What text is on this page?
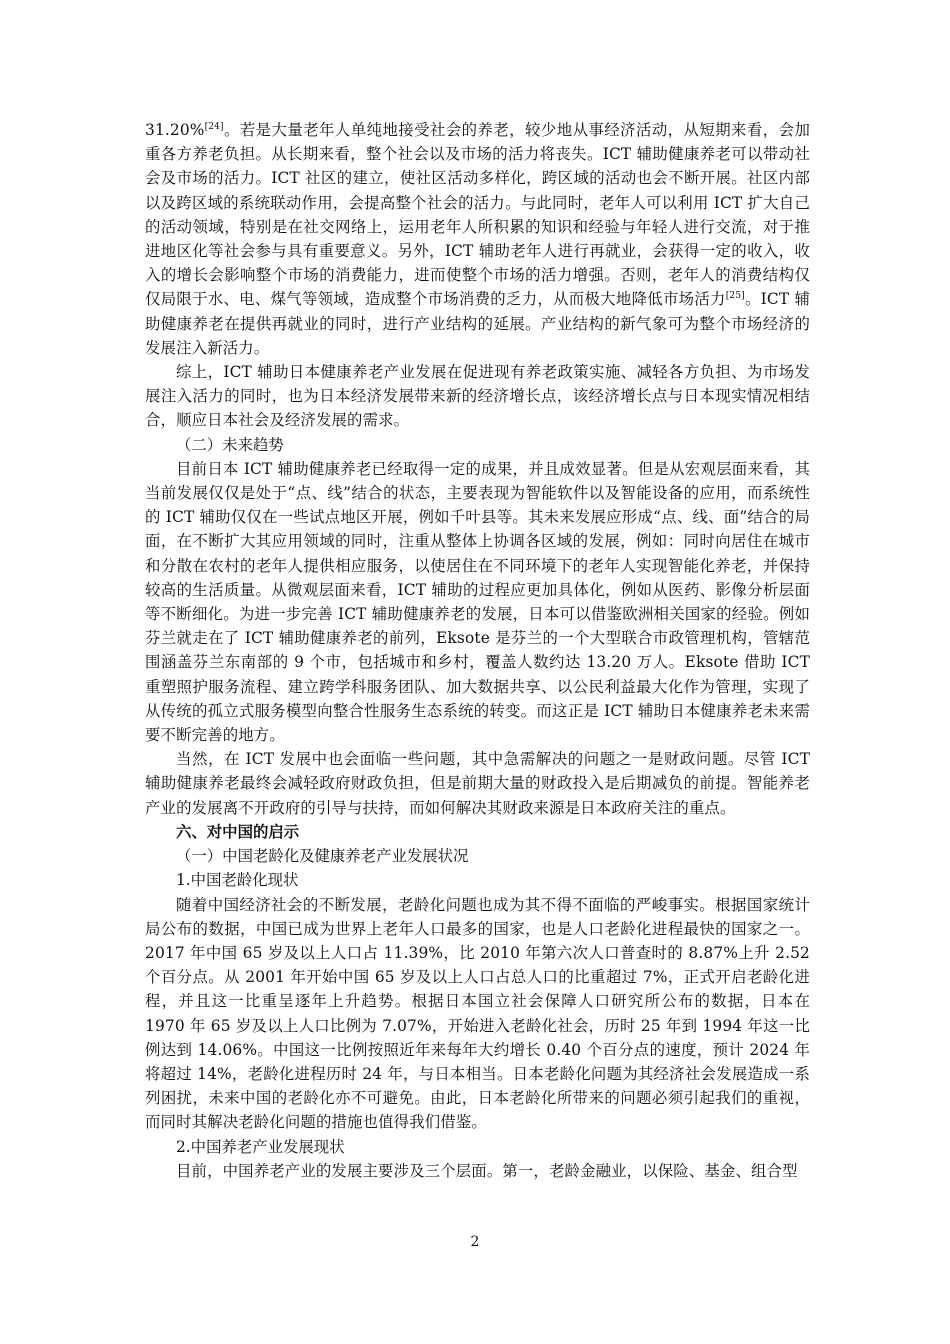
31.20%[24]。若是大量老年人单纯地接受社会的养老，较少地从事经济活动，从短期来看，会加重各方养老负担。从长期来看，整个社会以及市场的活力将丧失。ICT 辅助健康养老可以带动社会及市场的活力。ICT 社区的建立，使社区活动多样化，跨区域的活动也会不断开展。社区内部以及跨区域的系统联动作用，会提高整个社会的活力。与此同时，老年人可以利用 ICT 扩大自己的活动领域，特别是在社交网络上，运用老年人所积累的知识和经验与年轻人进行交流，对于推进地区化等社会参与具有重要意义。另外，ICT 辅助老年人进行再就业，会获得一定的收入，收入的增长会影响整个市场的消费能力，进而使整个市场的活力增强。否则，老年人的消费结构仅仅局限于水、电、煤气等领域，造成整个市场消费的乏力，从而极大地降低市场活力[25]。ICT 辅助健康养老在提供再就业的同时，进行产业结构的延展。产业结构的新气象可为整个市场经济的发展注入新活力。

综上，ICT 辅助日本健康养老产业发展在促进现有养老政策实施、减轻各方负担、为市场发展注入活力的同时，也为日本经济发展带来新的经济增长点，该经济增长点与日本现实情况相结合，顺应日本社会及经济发展的需求。

（二）未来趋势

目前日本 ICT 辅助健康养老已经取得一定的成果，并且成效显著。但是从宏观层面来看，其当前发展仅仅是处于“点、线”结合的状态，主要表现为智能软件以及智能设备的应用，而系统性的 ICT 辅助仅仅在一些试点地区开展，例如千叶县等。其未来发展应形成“点、线、面”结合的局面，在不断扩大其应用领域的同时，注重从整体上协调各区域的发展，例如：同时向居住在城市和分散在农村的老年人提供相应服务，以使居住在不同环境下的老年人实现智能化养老，并保持较高的生活质量。从微观层面来看，ICT 辅助的过程应更加具体化，例如从医药、影像分析层面等不断细化。为进一步完善 ICT 辅助健康养老的发展，日本可以借鉴欧洲相关国家的经验。例如芬兰就走在了 ICT 辅助健康养老的前列，Eksote 是芬兰的一个大型联合市政管理机构，管辖范围涵盖芬兰东南部的 9 个市，包括城市和乡村，覆盖人数约达 13.20 万人。Eksote 借助 ICT 重塑照护服务流程、建立跨学科服务团队、加大数据共享、以公民利益最大化作为管理，实现了从传统的孤立式服务模型向整合性服务生态系统的转变。而这正是 ICT 辅助日本健康养老未来需要不断完善的地方。

当然，在 ICT 发展中也会面临一些问题，其中急需解决的问题之一是财政问题。尽管 ICT 辅助健康养老最终会减轻政府财政负担，但是前期大量的财政投入是后期减负的前提。智能养老产业的发展离不开政府的引导与扶持，而如何解决其财政来源是日本政府关注的重点。

六、对中国的启示

（一）中国老龄化及健康养老产业发展状况

1.中国老龄化现状

随着中国经济社会的不断发展，老龄化问题也成为其不得不面临的严峻事实。根据国家统计局公布的数据，中国已成为世界上老年人口最多的国家，也是人口老龄化进程最快的国家之一。2017 年中国 65 岁及以上人口占 11.39%，比 2010 年第六次人口普查时的 8.87%上升 2.52 个百分点。从 2001 年开始中国 65 岁及以上人口占总人口的比重超过 7%，正式开启老龄化进程，并且这一比重呈逐年上升趋势。根据日本国立社会保障人口研究所公布的数据，日本在 1970 年 65 岁及以上人口比例为 7.07%，开始进入老龄化社会，历时 25 年到 1994 年这一比例达到 14.06%。中国这一比例按照近年来每年大约增长 0.40 个百分点的速度，预计 2024 年将超过 14%，老龄化进程历时 24 年，与日本相当。日本老龄化问题为其经济社会发展造成一系列困扰，未来中国的老龄化亦不可避免。由此，日本老龄化所带来的问题必须引起我们的重视，而同时其解决老龄化问题的措施也值得我们借鉴。

2.中国养老产业发展现状

目前，中国养老产业的发展主要涉及三个层面。第一，老龄金融业，以保险、基金、组合型

2
